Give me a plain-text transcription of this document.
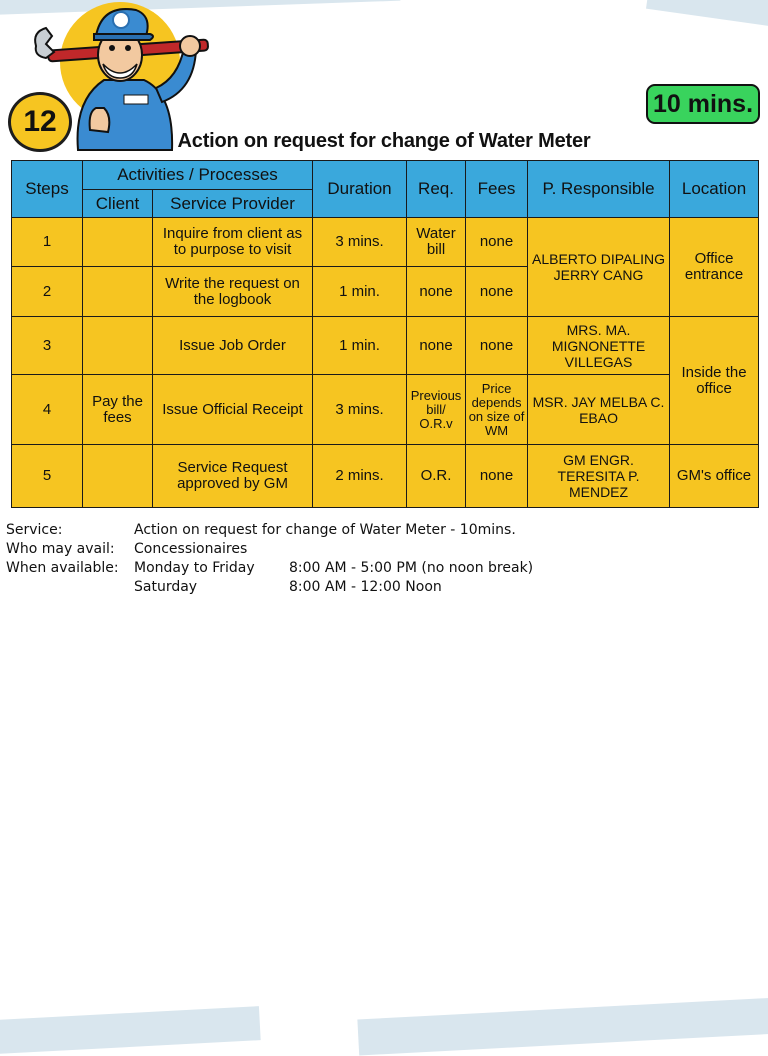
12
10 mins.
Action on request for change of Water Meter
Steps	Activities / Processes		Duration	Req.	Fees	P. Responsible	Location
	Client	Service Provider					
1		Inquire from client as to purpose to visit	3 mins.	Water bill	none	ALBERTO DIPALING JERRY CANG	Office entrance
2		Write the request on the logbook	1 min.	none	none		
3		Issue Job Order	1 min.	none	none	MRS. MA. MIGNONETTE VILLEGAS	Inside the office
4	Pay the fees	Issue Official Receipt	3 mins.	Previous bill/ O.R.v	Price depends on size of WM	MSR. JAY MELBA C. EBAO	
5		Service Request approved by GM	2 mins.	O.R.	none	GM ENGR. TERESITA P. MENDEZ	GM's office
Service:	Action on request for change of Water Meter - 10mins.
Who may avail:	Concessionaires
When available:	Monday to Friday	8:00 AM - 5:00 PM (no noon break)
Saturday	8:00 AM - 12:00 Noon
